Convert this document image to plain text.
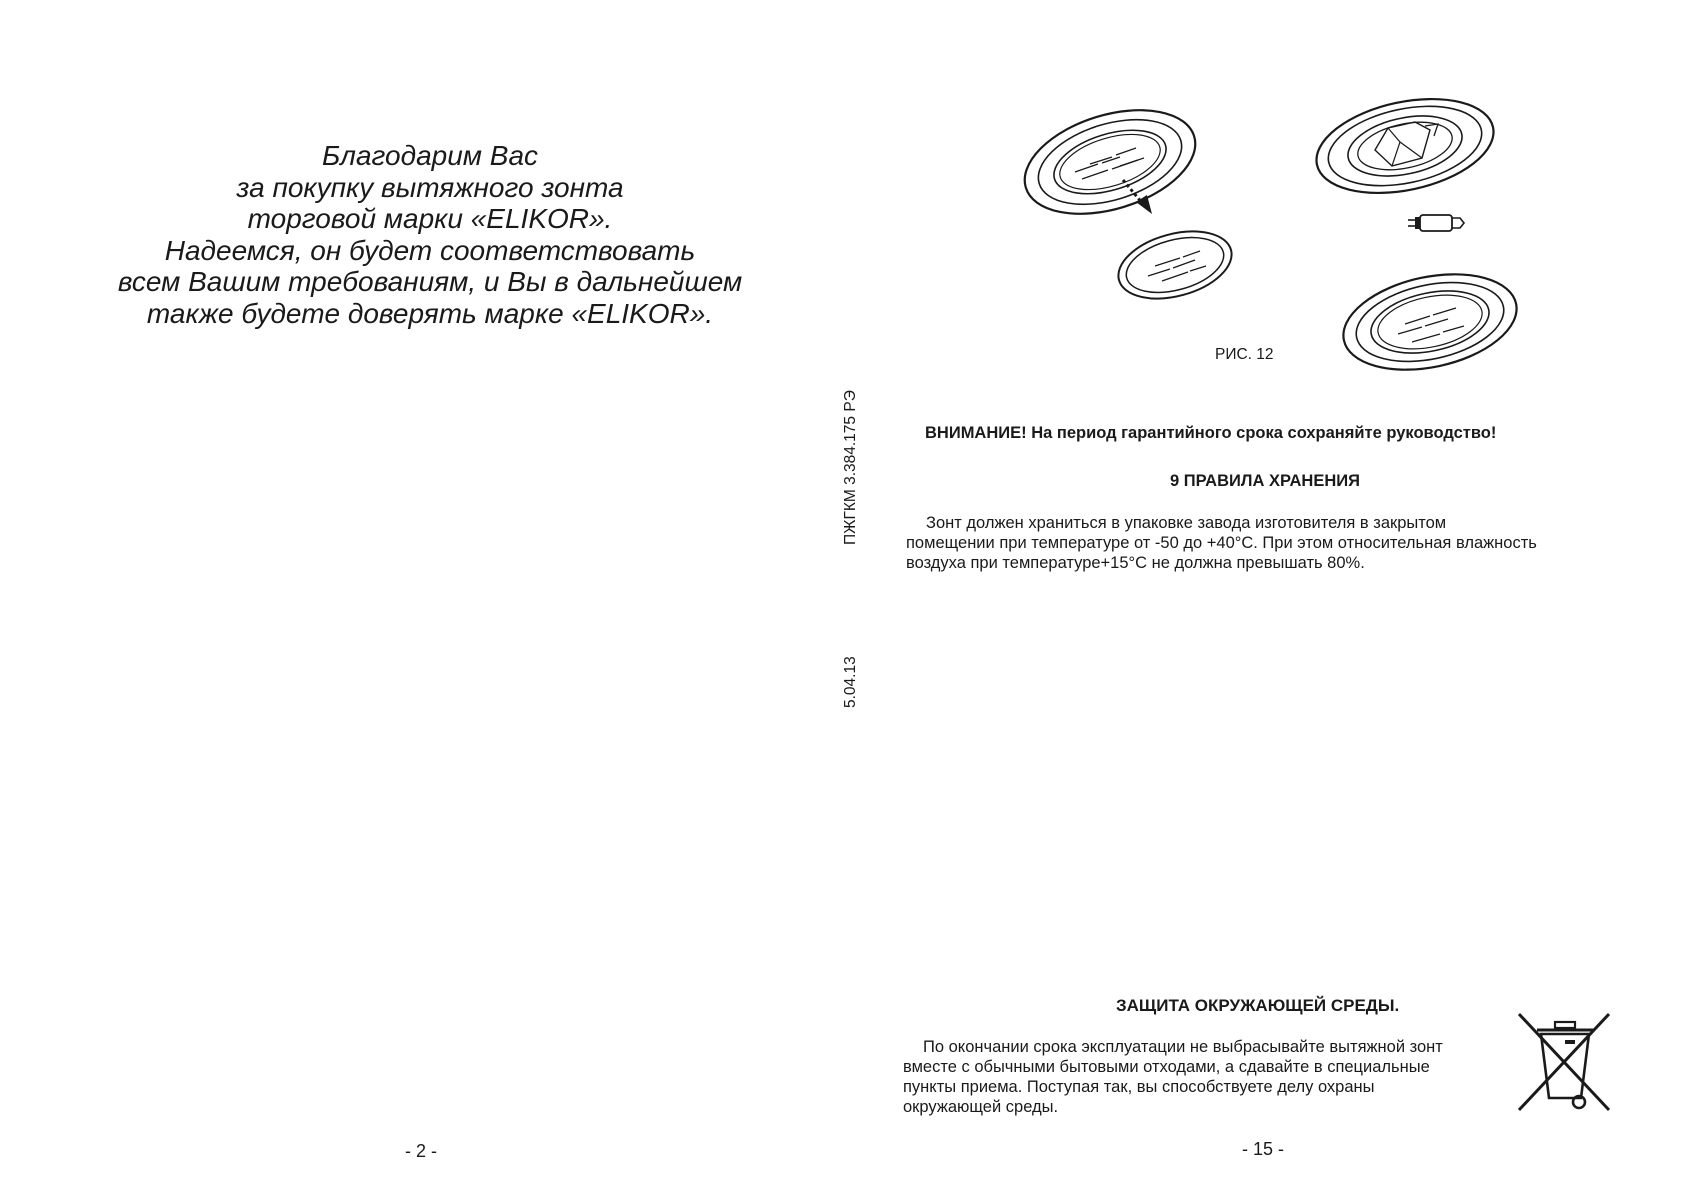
Благодарим Вас
за покупку вытяжного зонта
торговой марки «ELIKOR».
Надеемся, он будет соответствовать
всем Вашим требованиям, и Вы в дальнейшем
также будете доверять марке «ELIKOR».
- 2 -
ПЖГКМ 3.384.175 РЭ
5.04.13
РИС. 12
ВНИМАНИЕ! На период гарантийного срока сохраняйте руководство!
9 ПРАВИЛА ХРАНЕНИЯ
Зонт должен храниться в упаковке завода изготовителя в закрытом
помещении при температуре от -50 до +40°С. При этом относительная влажность
воздуха при температуре+15°С не должна превышать 80%.
ЗАЩИТА ОКРУЖАЮЩЕЙ СРЕДЫ.
По окончании срока эксплуатации не выбрасывайте вытяжной зонт
вместе с обычными бытовыми отходами, а сдавайте в специальные
пункты приема. Поступая так, вы способствуете делу охраны
окружающей среды.
- 15 -
